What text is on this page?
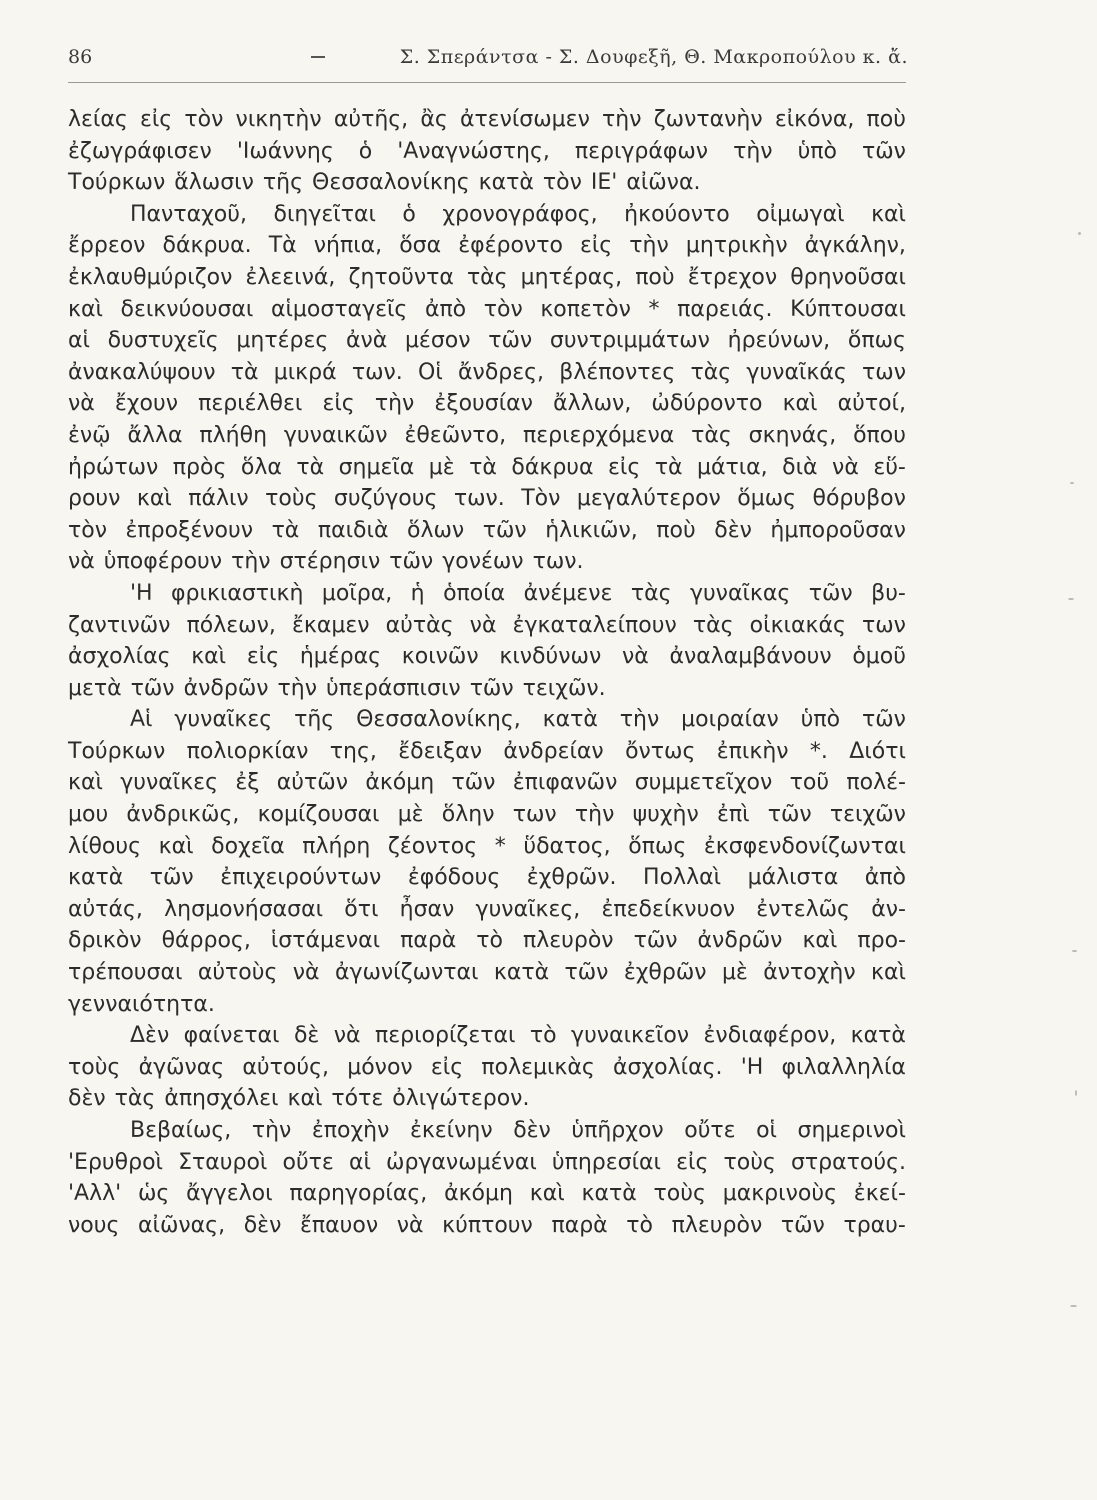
86	Σ. Σπεράντσα - Σ. Δουφεξῆ, Θ. Μακροπούλου κ. ἄ.
λείας εἰς τὸν νικητὴν αὐτῆς, ἂς ἀτενίσωμεν τὴν ζωντανὴν εἰκόνα, ποὺ
ἐζωγράφισεν 'Ιωάννης ὁ 'Αναγνώστης, περιγράφων τὴν ὑπὸ τῶν
Τούρκων ἅλωσιν τῆς Θεσσαλονίκης κατὰ τὸν ΙΕ' αἰῶνα.
Πανταχοῦ, διηγεῖται ὁ χρονογράφος, ἠκούοντο οἰμωγαὶ καὶ
ἔρρεον δάκρυα. Τὰ νήπια, ὅσα ἐφέροντο εἰς τὴν μητρικὴν ἀγκάλην,
ἐκλαυθμύριζον ἐλεεινά, ζητοῦντα τὰς μητέρας, ποὺ ἔτρεχον θρηνοῦσαι
καὶ δεικνύουσαι αἱμοσταγεῖς ἀπὸ τὸν κοπετὸν * παρειάς. Κύπτουσαι
αἱ δυστυχεῖς μητέρες ἀνὰ μέσον τῶν συντριμμάτων ἠρεύνων, ὅπως
ἀνακαλύψουν τὰ μικρά των. Οἱ ἄνδρες, βλέποντες τὰς γυναῖκάς των
νὰ ἔχουν περιέλθει εἰς τὴν ἐξουσίαν ἄλλων, ὠδύροντο καὶ αὐτοί,
ἐνῷ ἄλλα πλήθη γυναικῶν ἐθεῶντο, περιερχόμενα τὰς σκηνάς, ὅπου
ἠρώτων πρὸς ὅλα τὰ σημεῖα μὲ τὰ δάκρυα εἰς τὰ μάτια, διὰ νὰ εὕ-
ρουν καὶ πάλιν τοὺς συζύγους των. Τὸν μεγαλύτερον ὅμως θόρυβον
τὸν ἐπροξένουν τὰ παιδιὰ ὅλων τῶν ἡλικιῶν, ποὺ δὲν ἠμποροῦσαν
νὰ ὑποφέρουν τὴν στέρησιν τῶν γονέων των.
'Η φρικιαστικὴ μοῖρα, ἡ ὁποία ἀνέμενε τὰς γυναῖκας τῶν βυ-
ζαντινῶν πόλεων, ἔκαμεν αὐτὰς νὰ ἐγκαταλείπουν τὰς οἰκιακάς των
ἀσχολίας καὶ εἰς ἡμέρας κοινῶν κινδύνων νὰ ἀναλαμβάνουν ὁμοῦ
μετὰ τῶν ἀνδρῶν τὴν ὑπεράσπισιν τῶν τειχῶν.
Αἱ γυναῖκες τῆς Θεσσαλονίκης, κατὰ τὴν μοιραίαν ὑπὸ τῶν
Τούρκων πολιορκίαν της, ἔδειξαν ἀνδρείαν ὄντως ἐπικὴν *. Διότι
καὶ γυναῖκες ἐξ αὐτῶν ἀκόμη τῶν ἐπιφανῶν συμμετεῖχον τοῦ πολέ-
μου ἀνδρικῶς, κομίζουσαι μὲ ὅλην των τὴν ψυχὴν ἐπὶ τῶν τειχῶν
λίθους καὶ δοχεῖα πλήρη ζέοντος * ὕδατος, ὅπως ἐκσφενδονίζωνται
κατὰ τῶν ἐπιχειρούντων ἐφόδους ἐχθρῶν. Πολλαὶ μάλιστα ἀπὸ
αὐτάς, λησμονήσασαι ὅτι ἦσαν γυναῖκες, ἐπεδείκνυον ἐντελῶς ἀν-
δρικὸν θάρρος, ἱστάμεναι παρὰ τὸ πλευρὸν τῶν ἀνδρῶν καὶ προ-
τρέπουσαι αὐτοὺς νὰ ἀγωνίζωνται κατὰ τῶν ἐχθρῶν μὲ ἀντοχὴν καὶ
γενναιότητα.
Δὲν φαίνεται δὲ νὰ περιορίζεται τὸ γυναικεῖον ἐνδιαφέρον, κατὰ
τοὺς ἀγῶνας αὐτούς, μόνον εἰς πολεμικὰς ἀσχολίας. 'Η φιλαλληλία
δὲν τὰς ἀπησχόλει καὶ τότε ὀλιγώτερον.
Βεβαίως, τὴν ἐποχὴν ἐκείνην δὲν ὑπῆρχον οὔτε οἱ σημερινοὶ
'Ερυθροὶ Σταυροὶ οὔτε αἱ ὠργανωμέναι ὑπηρεσίαι εἰς τοὺς στρατούς.
'Αλλ' ὡς ἄγγελοι παρηγορίας, ἀκόμη καὶ κατὰ τοὺς μακρινοὺς ἐκεί-
νους αἰῶνας, δὲν ἔπαυον νὰ κύπτουν παρὰ τὸ πλευρὸν τῶν τραυ-
